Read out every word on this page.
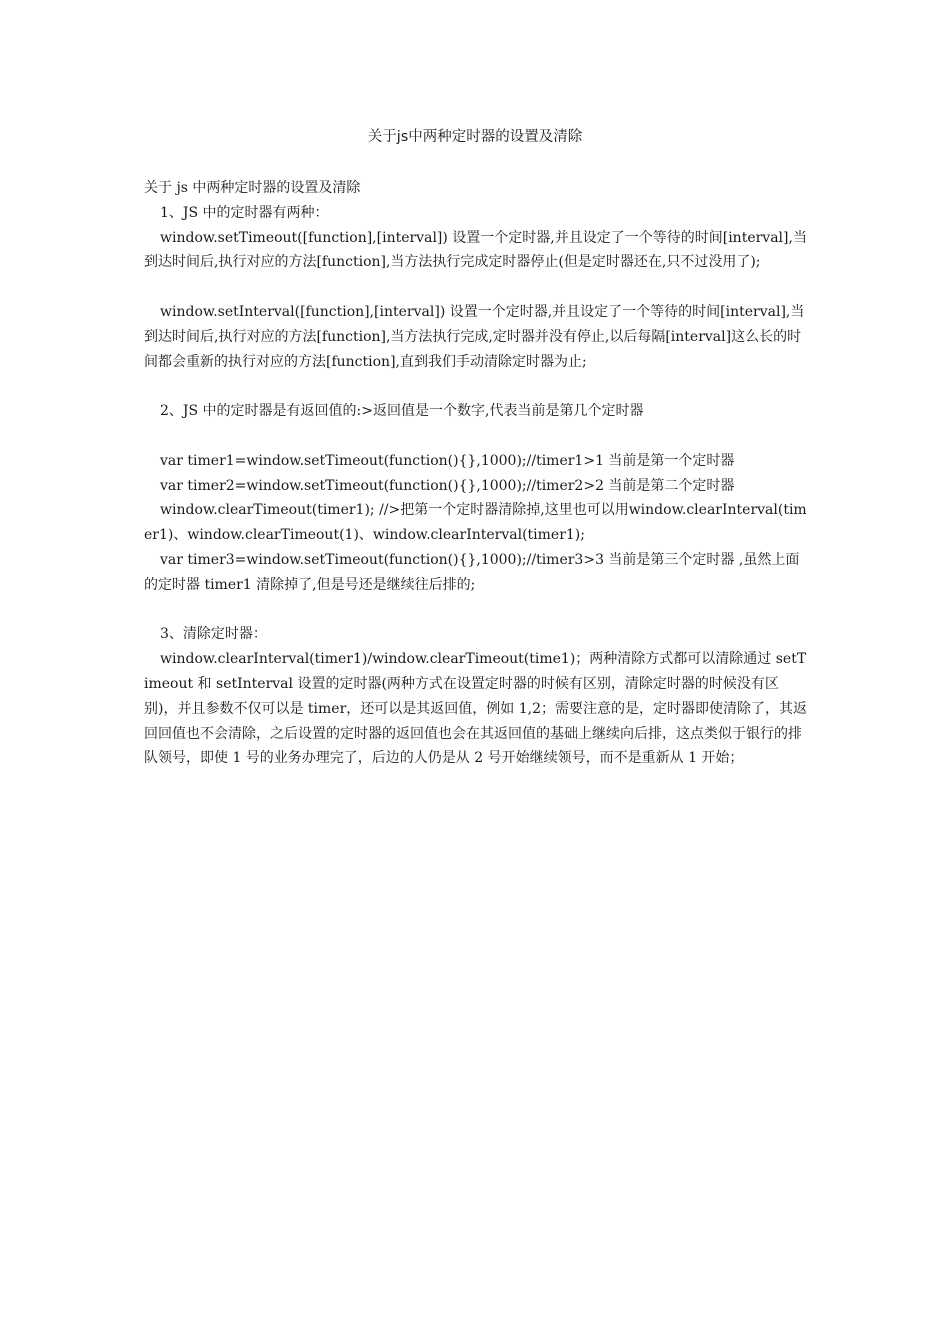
关于js中两种定时器的设置及清除

关于 js 中两种定时器的设置及清除

1、JS 中的定时器有两种：

window.setTimeout([function],[interval]) 设置一个定时器,并且设定了一个等待的时间[interval],当到达时间后,执行对应的方法[function],当方法执行完成定时器停止(但是定时器还在,只不过没用了);

window.setInterval([function],[interval]) 设置一个定时器,并且设定了一个等待的时间[interval],当到达时间后,执行对应的方法[function],当方法执行完成,定时器并没有停止,以后每隔[interval]这么长的时间都会重新的执行对应的方法[function],直到我们手动清除定时器为止;

2、JS 中的定时器是有返回值的:>返回值是一个数字,代表当前是第几个定时器

var timer1=window.setTimeout(function(){},1000);//timer1>1 当前是第一个定时器

var timer2=window.setTimeout(function(){},1000);//timer2>2 当前是第二个定时器

window.clearTimeout(timer1); //>把第一个定时器清除掉,这里也可以用window.clearInterval(timer1)、window.clearTimeout(1)、window.clearInterval(timer1);

var timer3=window.setTimeout(function(){},1000);//timer3>3 当前是第三个定时器 ,虽然上面的定时器 timer1 清除掉了,但是号还是继续往后排的;

3、清除定时器：

window.clearInterval(timer1)/window.clearTimeout(time1)；两种清除方式都可以清除通过 setTimeout 和 setInterval 设置的定时器(两种方式在设置定时器的时候有区别，清除定时器的时候没有区别)，并且参数不仅可以是 timer，还可以是其返回值，例如 1,2；需要注意的是，定时器即使清除了，其返回回值也不会清除，之后设置的定时器的返回值也会在其返回值的基础上继续向后排，这点类似于银行的排队领号，即使 1 号的业务办理完了，后边的人仍是从 2 号开始继续领号，而不是重新从 1 开始；
